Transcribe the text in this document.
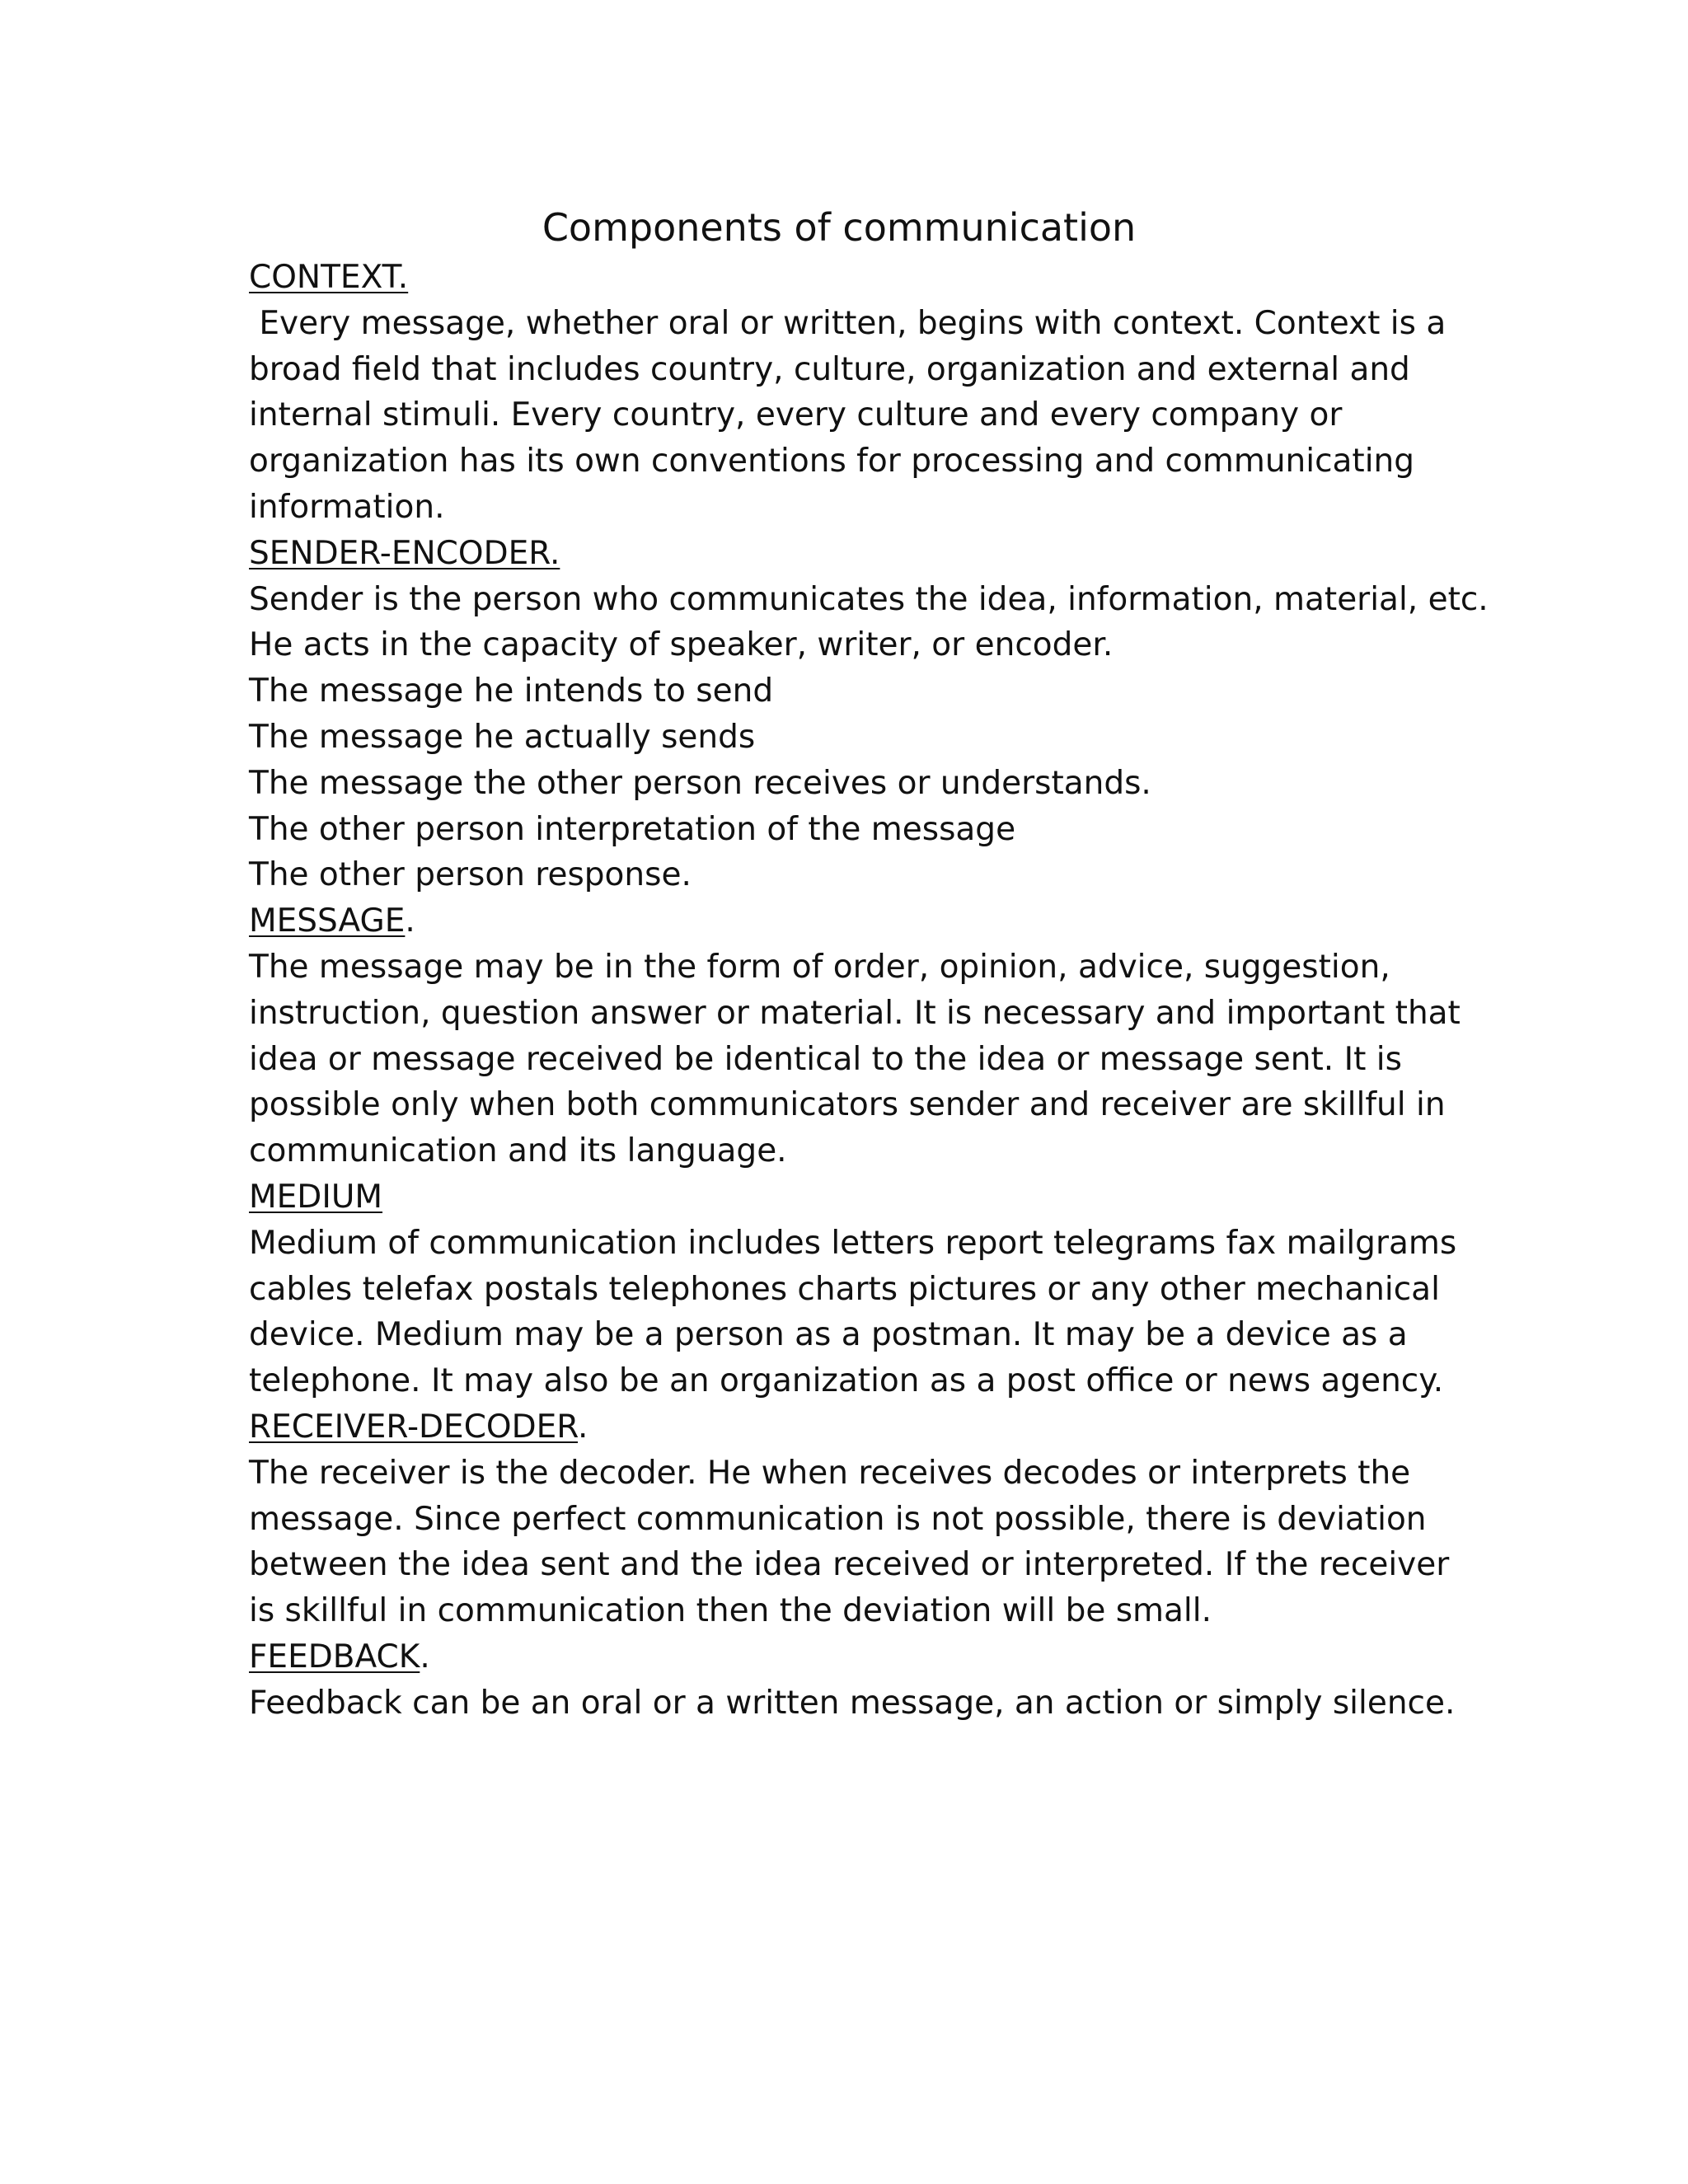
Components of communication
CONTEXT.
Every message, whether oral or written, begins with context. Context is a
broad field that includes country, culture, organization and external and
internal stimuli. Every country, every culture and every company or
organization has its own conventions for processing and communicating
information.
SENDER-ENCODER.
Sender is the person who communicates the idea, information, material, etc.
He acts in the capacity of speaker, writer, or encoder.
The message he intends to send
The message he actually sends
The message the other person receives or understands.
The other person interpretation of the message
The other person response.
MESSAGE.
The message may be in the form of order, opinion, advice, suggestion,
instruction, question answer or material. It is necessary and important that
idea or message received be identical to the idea or message sent. It is
possible only when both communicators sender and receiver are skillful in
communication and its language.
MEDIUM
Medium of communication includes letters report telegrams fax mailgrams
cables telefax postals telephones charts pictures or any other mechanical
device. Medium may be a person as a postman. It may be a device as a
telephone. It may also be an organization as a post office or news agency.
RECEIVER-DECODER.
The receiver is the decoder. He when receives decodes or interprets the
message. Since perfect communication is not possible, there is deviation
between the idea sent and the idea received or interpreted. If the receiver
is skillful in communication then the deviation will be small.
FEEDBACK.
Feedback can be an oral or a written message, an action or simply silence.
